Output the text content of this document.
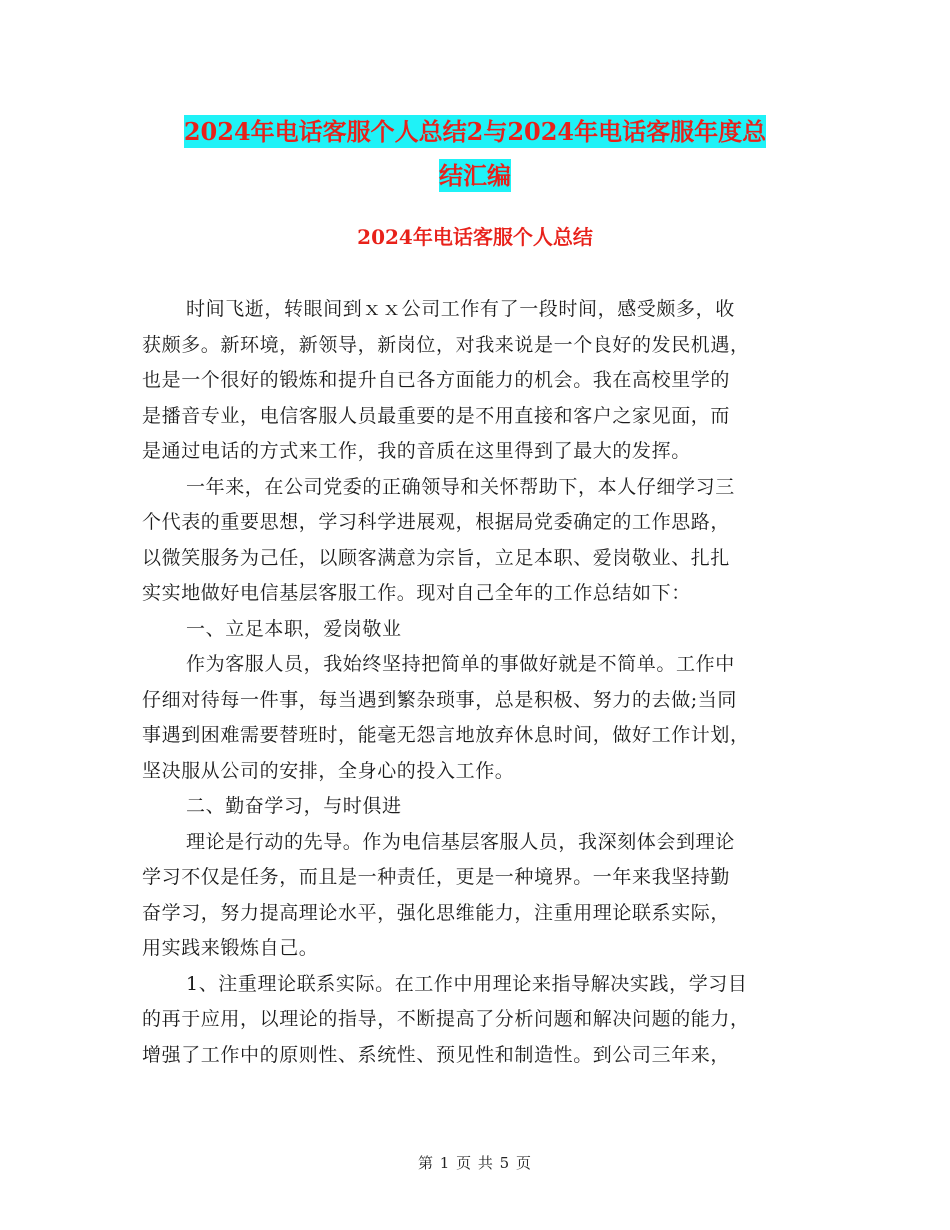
2024年电话客服个人总结2与2024年电话客服年度总
结汇编
2024年电话客服个人总结
时间飞逝，转眼间到ｘｘ公司工作有了一段时间，感受颇多，收
获颇多。新环境，新领导，新岗位，对我来说是一个良好的发民机遇，
也是一个很好的锻炼和提升自已各方面能力的机会。我在高校里学的
是播音专业，电信客服人员最重要的是不用直接和客户之家见面，而
是通过电话的方式来工作，我的音质在这里得到了最大的发挥。
一年来，在公司党委的正确领导和关怀帮助下，本人仔细学习三
个代表的重要思想，学习科学进展观，根据局党委确定的工作思路，
以微笑服务为己任，以顾客满意为宗旨，立足本职、爱岗敬业、扎扎
实实地做好电信基层客服工作。现对自己全年的工作总结如下：
一、立足本职，爱岗敬业
作为客服人员，我始终坚持把简单的事做好就是不简单。工作中
仔细对待每一件事，每当遇到繁杂琐事，总是积极、努力的去做;当同
事遇到困难需要替班时，能毫无怨言地放弃休息时间，做好工作计划，
坚决服从公司的安排，全身心的投入工作。
二、勤奋学习，与时俱进
理论是行动的先导。作为电信基层客服人员，我深刻体会到理论
学习不仅是任务，而且是一种责任，更是一种境界。一年来我坚持勤
奋学习，努力提高理论水平，强化思维能力，注重用理论联系实际，
用实践来锻炼自己。
1、注重理论联系实际。在工作中用理论来指导解决实践，学习目
的再于应用，以理论的指导，不断提高了分析问题和解决问题的能力，
增强了工作中的原则性、系统性、预见性和制造性。到公司三年来，
第 1 页 共 5 页
